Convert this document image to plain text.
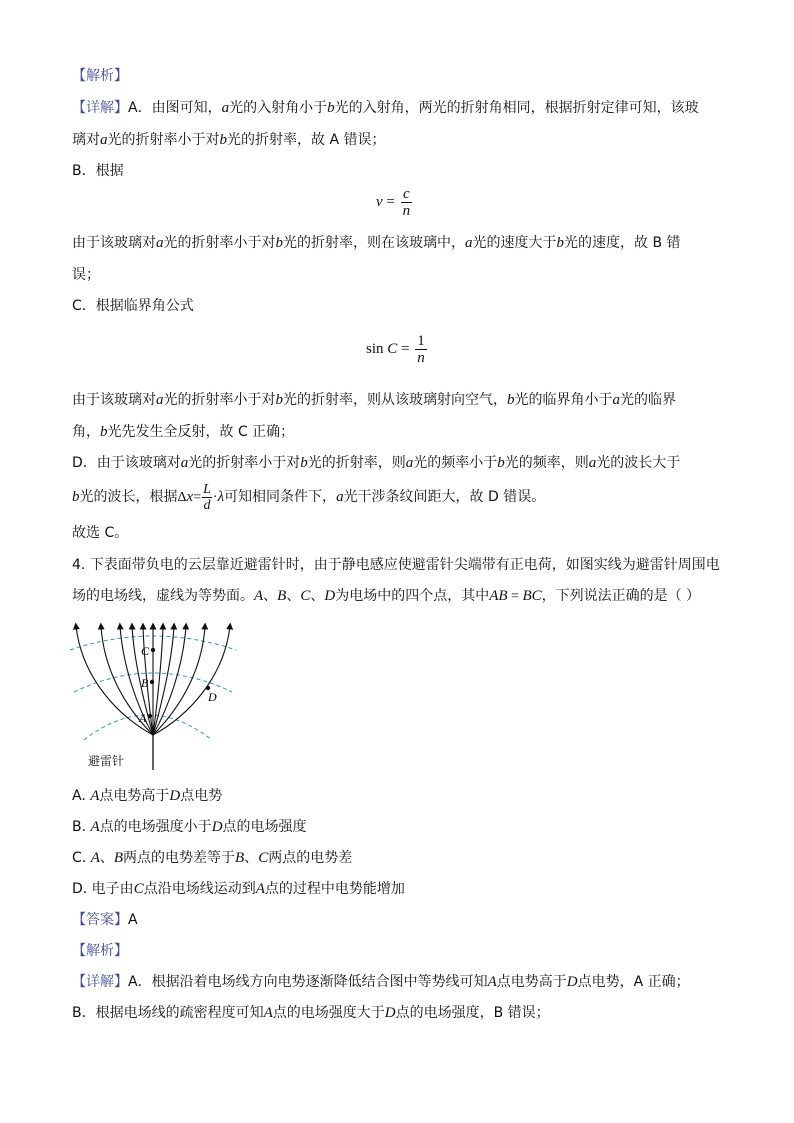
【解析】
【详解】A．由图可知，a光的入射角小于b光的入射角，两光的折射角相同，根据折射定律可知，该玻
璃对a光的折射率小于对b光的折射率，故 A 错误；
B．根据
$v = \frac{c}{n}$
由于该玻璃对a光的折射率小于对b光的折射率，则在该玻璃中，a光的速度大于b光的速度，故 B 错
误；
C．根据临界角公式
$\sin C = \frac{1}{n}$
由于该玻璃对a光的折射率小于对b光的折射率，则从该玻璃射向空气，b光的临界角小于a光的临界
角，b光先发生全反射，故 C 正确；
D．由于该玻璃对a光的折射率小于对b光的折射率，则a光的频率小于b光的频率，则a光的波长大于
b光的波长，根据$\Delta x= \frac{L}{d} \cdot\lambda$可知相同条件下，a光干涉条纹间距大，故 D 错误。
故选 C。
4. 下表面带负电的云层靠近避雷针时，由于静电感应使避雷针尖端带有正电荷，如图实线为避雷针周围电
场的电场线，虚线为等势面。A、B、C、D为电场中的四个点，其中AB = BC，下列说法正确的是（ ）
A
B
C
D
避雷针
A. A点电势高于D点电势
B. A点的电场强度小于D点的电场强度
C. A、B两点的电势差等于B、C两点的电势差
D. 电子由C点沿电场线运动到A点的过程中电势能增加
【答案】A
【解析】
【详解】A．根据沿着电场线方向电势逐渐降低结合图中等势线可知A点电势高于D点电势，A 正确；
B．根据电场线的疏密程度可知A点的电场强度大于D点的电场强度，B 错误；
